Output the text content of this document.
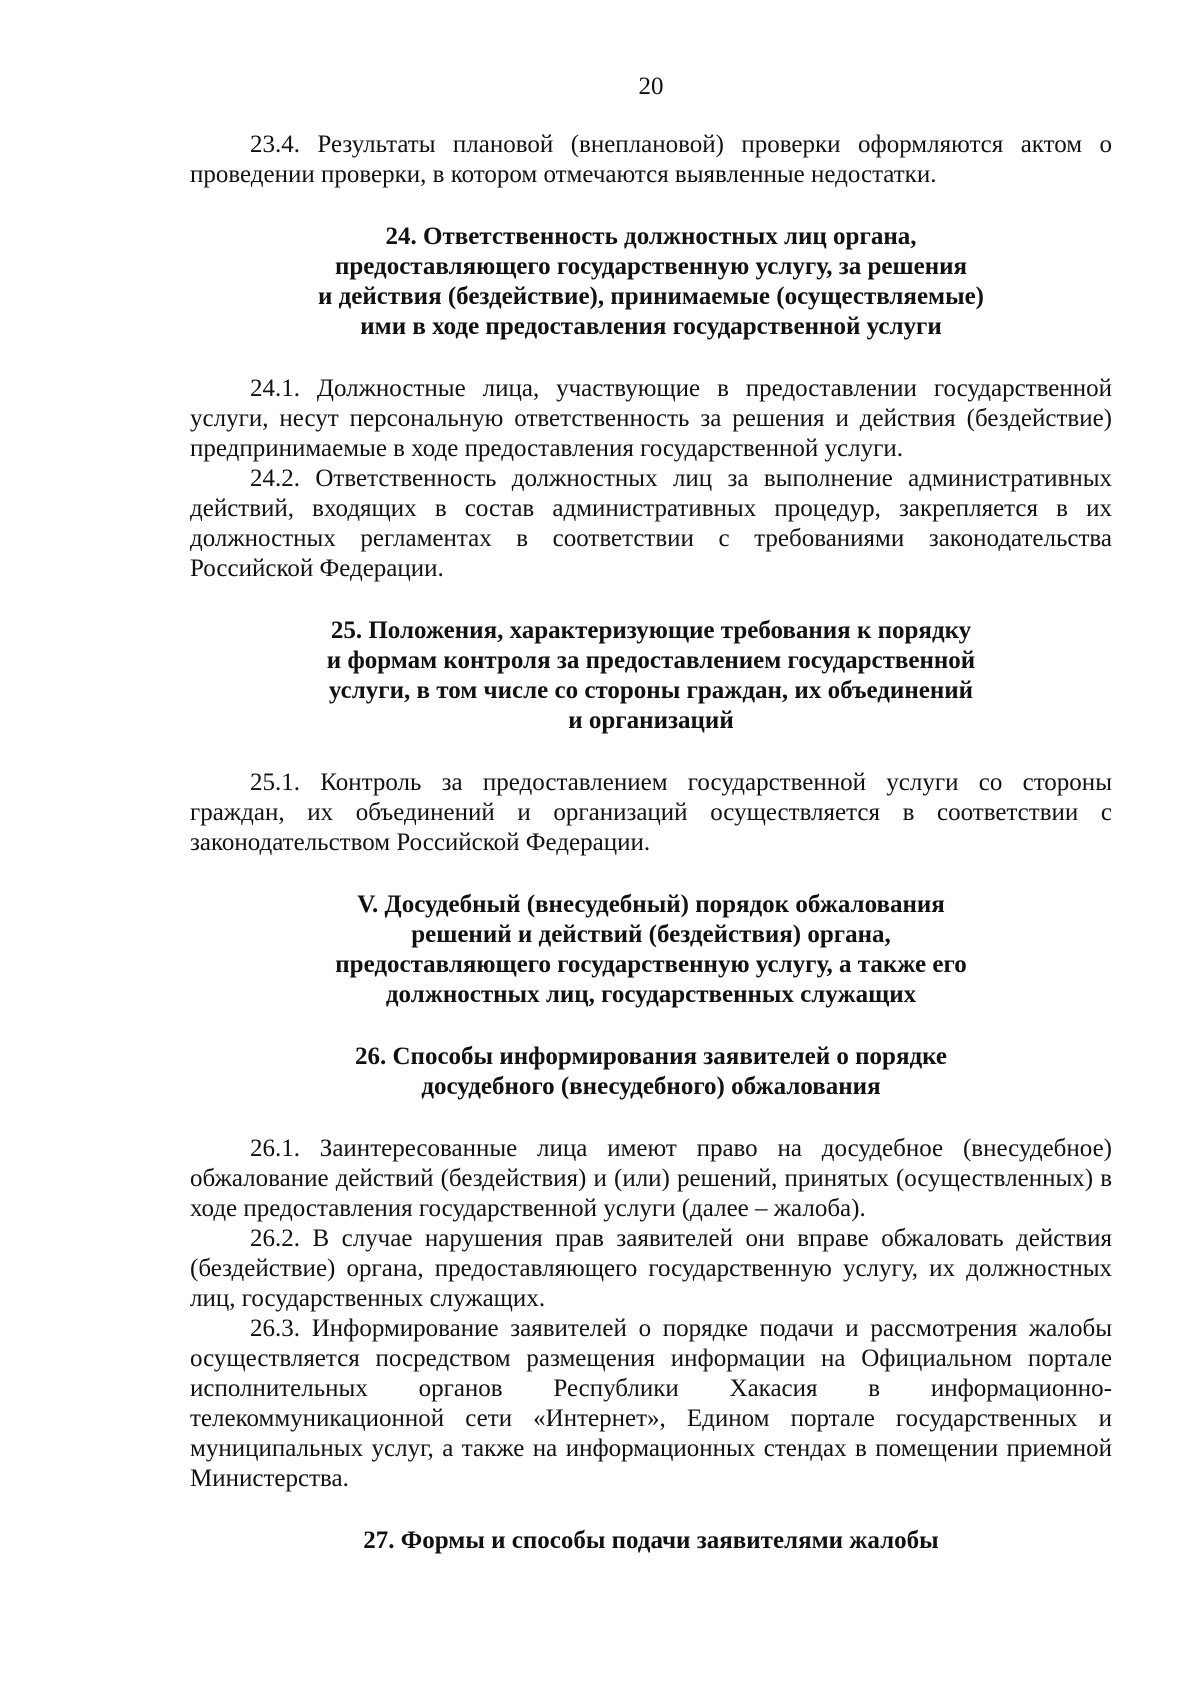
20

23.4. Результаты плановой (внеплановой) проверки оформляются актом о проведении проверки, в котором отмечаются выявленные недостатки.

24. Ответственность должностных лиц органа,
предоставляющего государственную услугу, за решения
и действия (бездействие), принимаемые (осуществляемые)
ими в ходе предоставления государственной услуги

24.1. Должностные лица, участвующие в предоставлении государственной услуги, несут персональную ответственность за решения и действия (бездействие) предпринимаемые в ходе предоставления государственной услуги.

24.2. Ответственность должностных лиц за выполнение административных действий, входящих в состав административных процедур, закрепляется в их должностных регламентах в соответствии с требованиями законодательства Российской Федерации.

25. Положения, характеризующие требования к порядку
и формам контроля за предоставлением государственной
услуги, в том числе со стороны граждан, их объединений
и организаций

25.1. Контроль за предоставлением государственной услуги со стороны граждан, их объединений и организаций осуществляется в соответствии с законодательством Российской Федерации.

V. Досудебный (внесудебный) порядок обжалования
решений и действий (бездействия) органа,
предоставляющего государственную услугу, а также его
должностных лиц, государственных служащих
26. Способы информирования заявителей о порядке
досудебного (внесудебного) обжалования

26.1. Заинтересованные лица имеют право на досудебное (внесудебное) обжалование действий (бездействия) и (или) решений, принятых (осуществленных) в ходе предоставления государственной услуги (далее – жалоба).

26.2. В случае нарушения прав заявителей они вправе обжаловать действия (бездействие) органа, предоставляющего государственную услугу, их должностных лиц, государственных служащих.

26.3. Информирование заявителей о порядке подачи и рассмотрения жалобы осуществляется посредством размещения информации на Официальном портале исполнительных органов Республики Хакасия в информационно-телекоммуникационной сети «Интернет», Едином портале государственных и муниципальных услуг, а также на информационных стендах в помещении приемной Министерства.

27. Формы и способы подачи заявителями жалобы
